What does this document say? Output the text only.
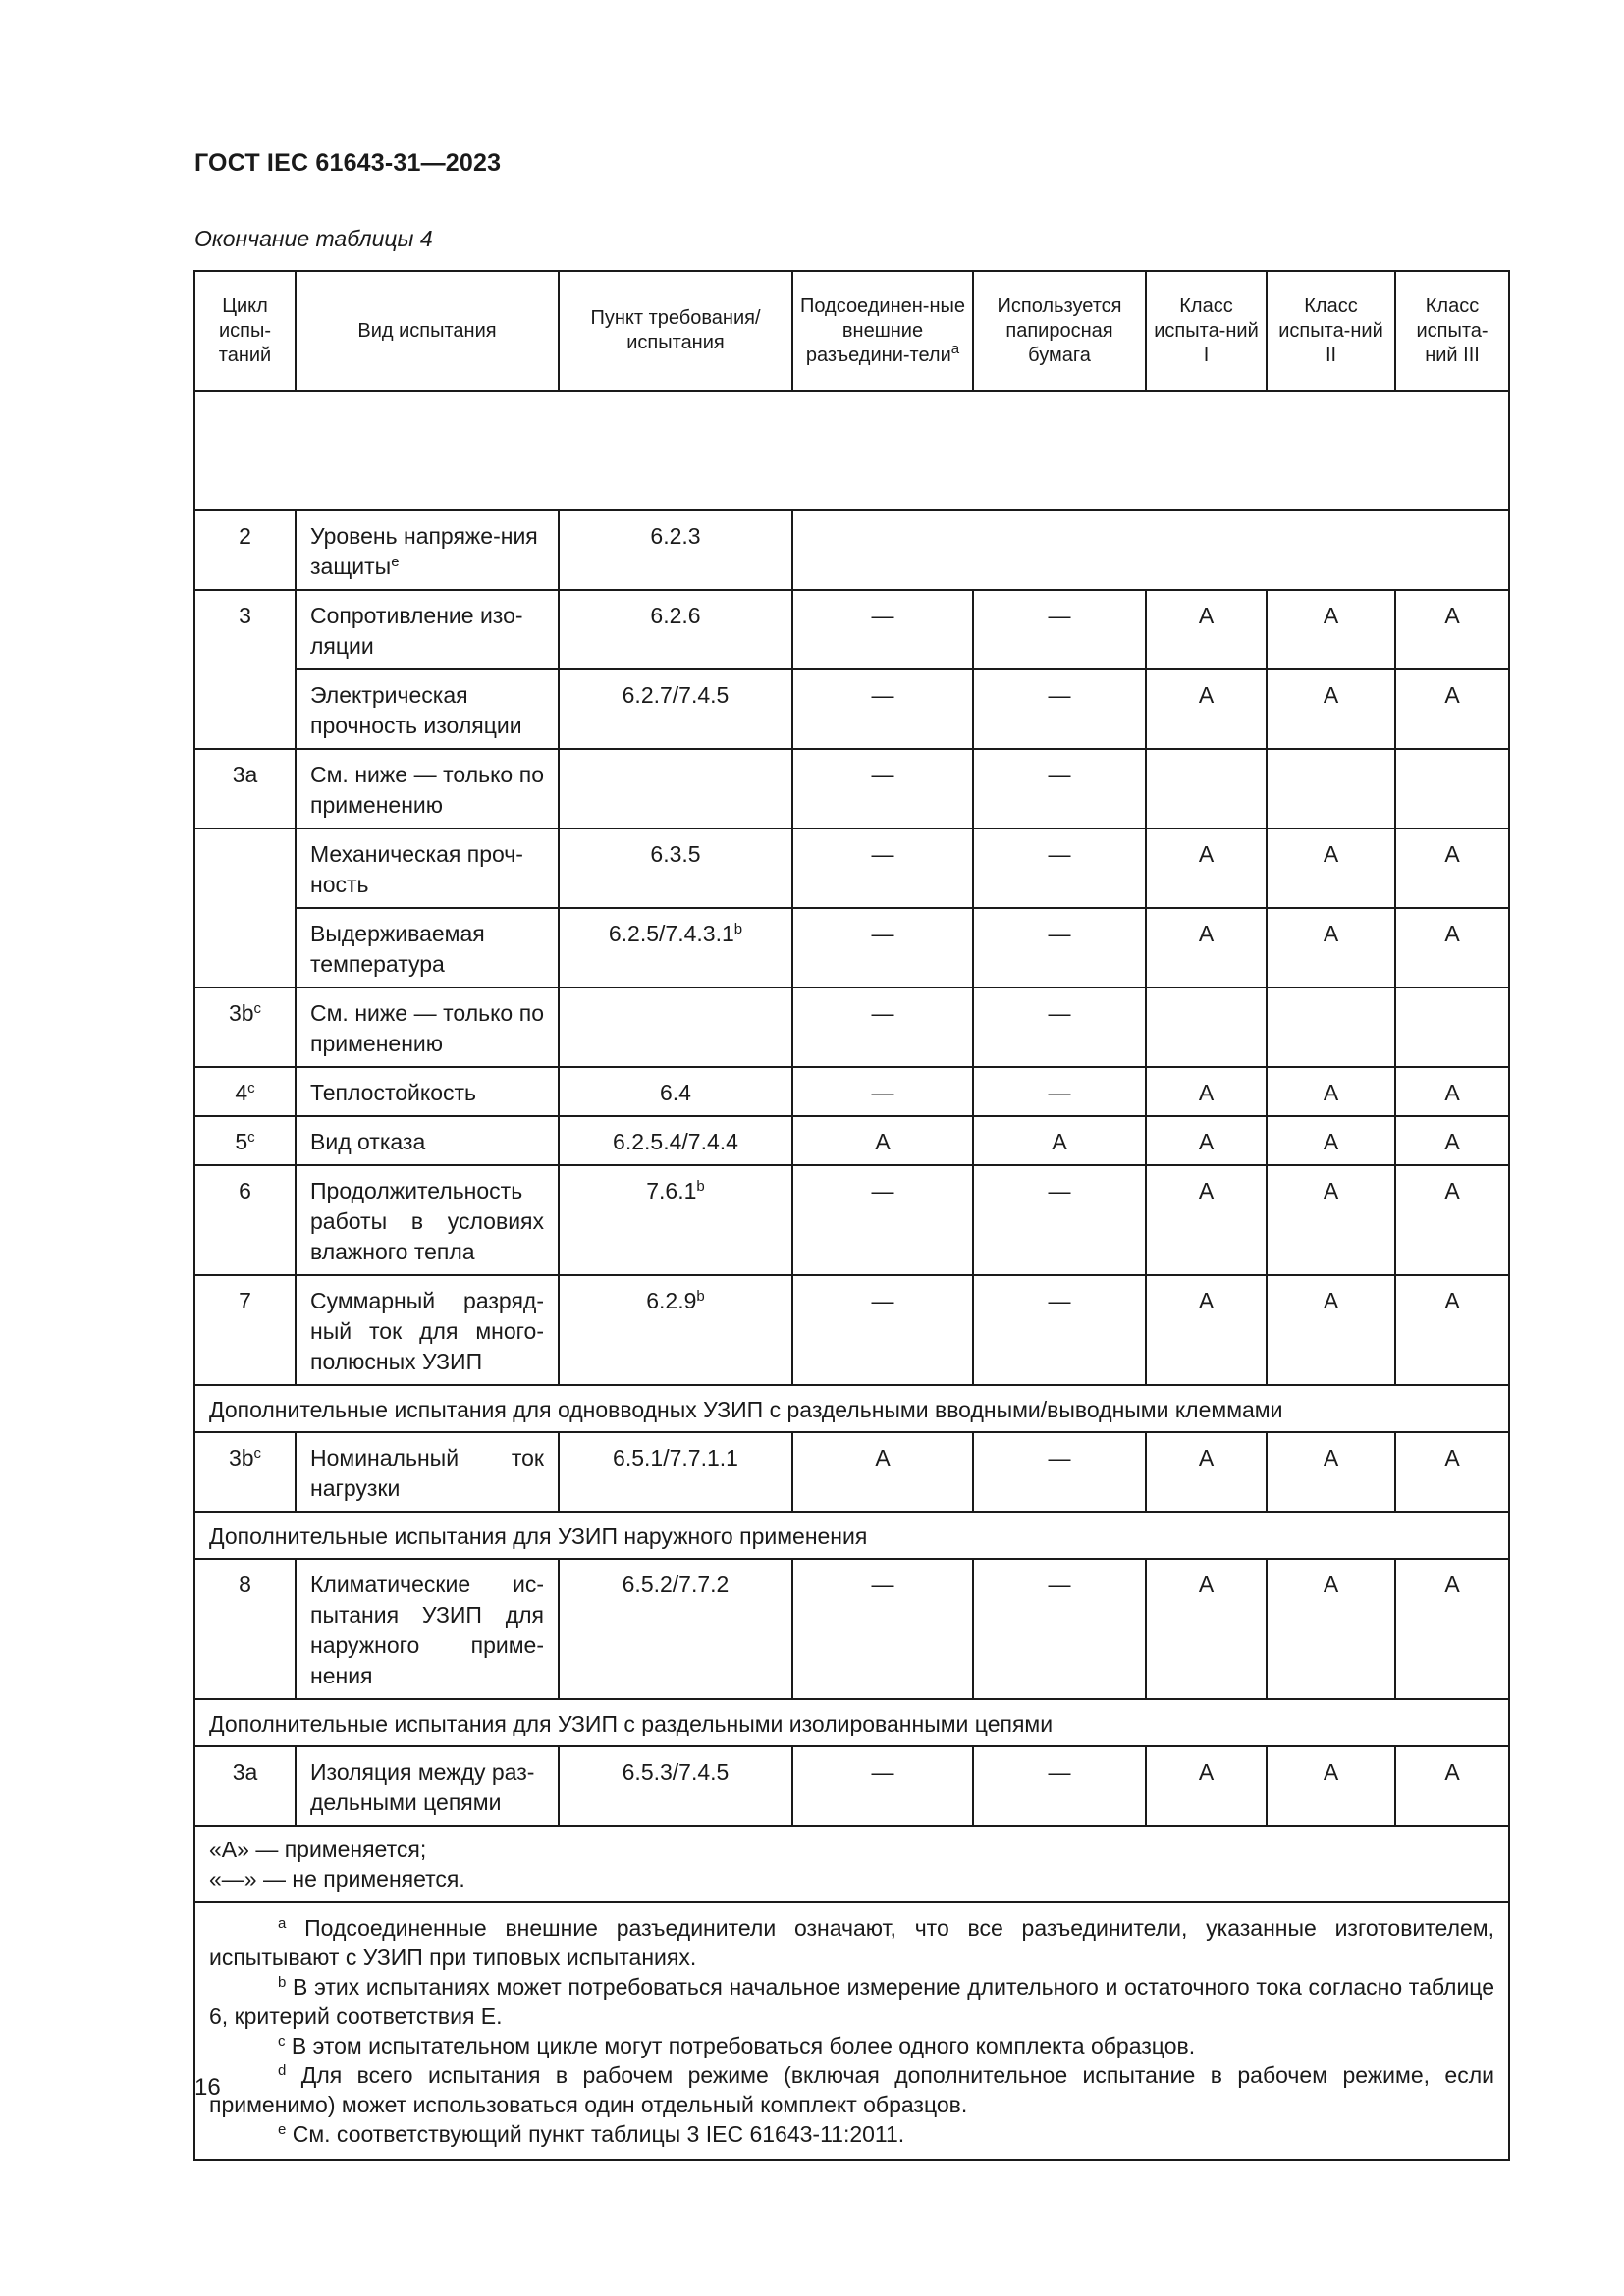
ГОСТ IEC 61643-31—2023
Окончание таблицы 4
Цикл испы-таний	Вид испытания	Пункт требования/ испытания	Подсоединен-ные внешние разъедини-тели$^a$	Используется папиросная бумага	Класс испыта-ний I	Класс испыта-ний II	Класс испыта-ний III

2	Уровень напряже-ния защиты$^e$	6.2.3					
3	Сопротивление изо-ляции	6.2.6	—	—	A	A	A
	Электрическая прочность изоляции	6.2.7/7.4.5	—	—	A	A	A
3a	См. ниже — только по применению		—	—			
	Механическая проч-ность	6.3.5	—	—	A	A	A
	Выдерживаемая температура	6.2.5/7.4.3.1$^b$	—	—	A	A	A
$3b^c$	См. ниже — только по применению		—	—			
4$^c$	Теплостойкость	6.4	—	—	A	A	A
5$^c$	Вид отказа	6.2.5.4/7.4.4	A	A	A	A	A
6	Продолжительность работы в условиях влажного тепла	7.6.1$^b$	—	—	A	A	A
7	Суммарный разряд-ный ток для много-полюсных УЗИП	6.2.9$^b$	—	—	A	A	A
Дополнительные испытания для одновводных УЗИП с раздельными вводными/выводными клеммами							
$3b^c$	Номинальный ток нагрузки	6.5.1/7.7.1.1	A	—	A	A	A
Дополнительные испытания для УЗИП наружного применения							
8	Климатические ис-пытания УЗИП для наружного приме-нения	6.5.2/7.7.2	—	—	A	A	A
Дополнительные испытания для УЗИП с раздельными изолированными цепями							
3a	Изоляция между раз-дельными цепями	6.5.3/7.4.5	—	—	A	A	A

«A» — применяется;
«—» — не применяется.							

$^a$ Подсоединенные внешние разъединители означают, что все разъединители, указанные изготовителем, испытывают с УЗИП при типовых испытаниях.
$^b$ В этих испытаниях может потребоваться начальное измерение длительного и остаточного тока согласно таблице 6, критерий соответствия E.
$^c$ В этом испытательном цикле могут потребоваться более одного комплекта образцов.
$^d$ Для всего испытания в рабочем режиме (включая дополнительное испытание в рабочем режиме, если применимо) может использоваться один отдельный комплект образцов.
$^e$ См. соответствующий пункт таблицы 3 IEC 61643-11:2011.							
16
